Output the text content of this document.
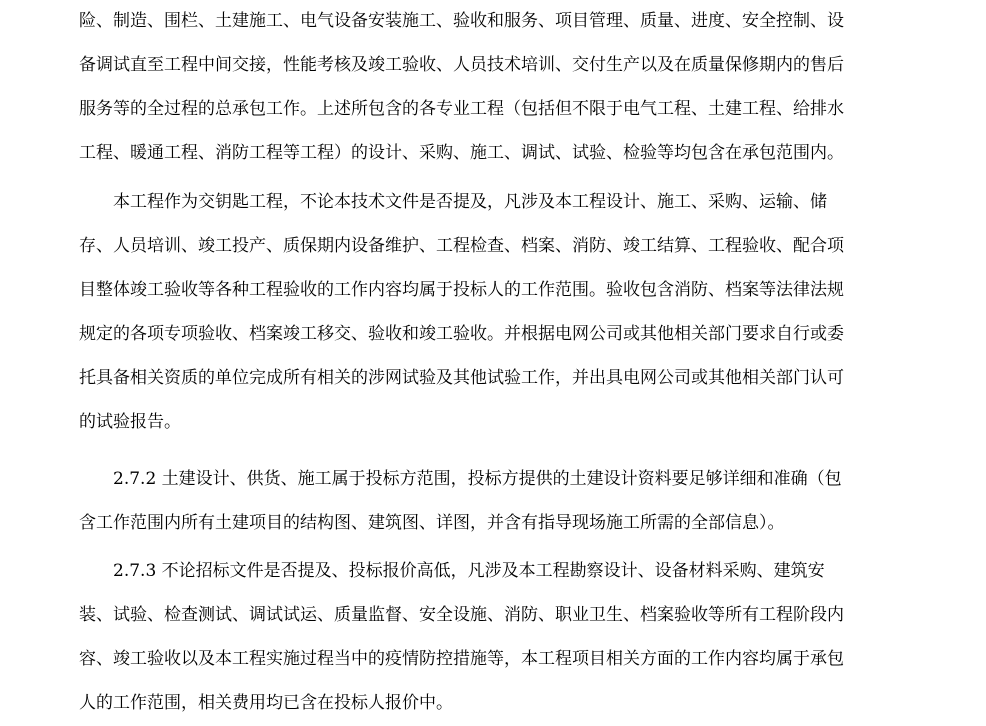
险、制造、围栏、土建施工、电气设备安装施工、验收和服务、项目管理、质量、进度、安全控制、设
备调试直至工程中间交接，性能考核及竣工验收、人员技术培训、交付生产以及在质量保修期内的售后
服务等的全过程的总承包工作。上述所包含的各专业工程（包括但不限于电气工程、土建工程、给排水
工程、暖通工程、消防工程等工程）的设计、采购、施工、调试、试验、检验等均包含在承包范围内。
本工程作为交钥匙工程，不论本技术文件是否提及，凡涉及本工程设计、施工、采购、运输、储
存、人员培训、竣工投产、质保期内设备维护、工程检查、档案、消防、竣工结算、工程验收、配合项
目整体竣工验收等各种工程验收的工作内容均属于投标人的工作范围。验收包含消防、档案等法律法规
规定的各项专项验收、档案竣工移交、验收和竣工验收。并根据电网公司或其他相关部门要求自行或委
托具备相关资质的单位完成所有相关的涉网试验及其他试验工作，并出具电网公司或其他相关部门认可
的试验报告。
2.7.2 土建设计、供货、施工属于投标方范围，投标方提供的土建设计资料要足够详细和准确（包
含工作范围内所有土建项目的结构图、建筑图、详图，并含有指导现场施工所需的全部信息）。
2.7.3 不论招标文件是否提及、投标报价高低，凡涉及本工程勘察设计、设备材料采购、建筑安
装、试验、检查测试、调试试运、质量监督、安全设施、消防、职业卫生、档案验收等所有工程阶段内
容、竣工验收以及本工程实施过程当中的疫情防控措施等，本工程项目相关方面的工作内容均属于承包
人的工作范围，相关费用均已含在投标人报价中。
